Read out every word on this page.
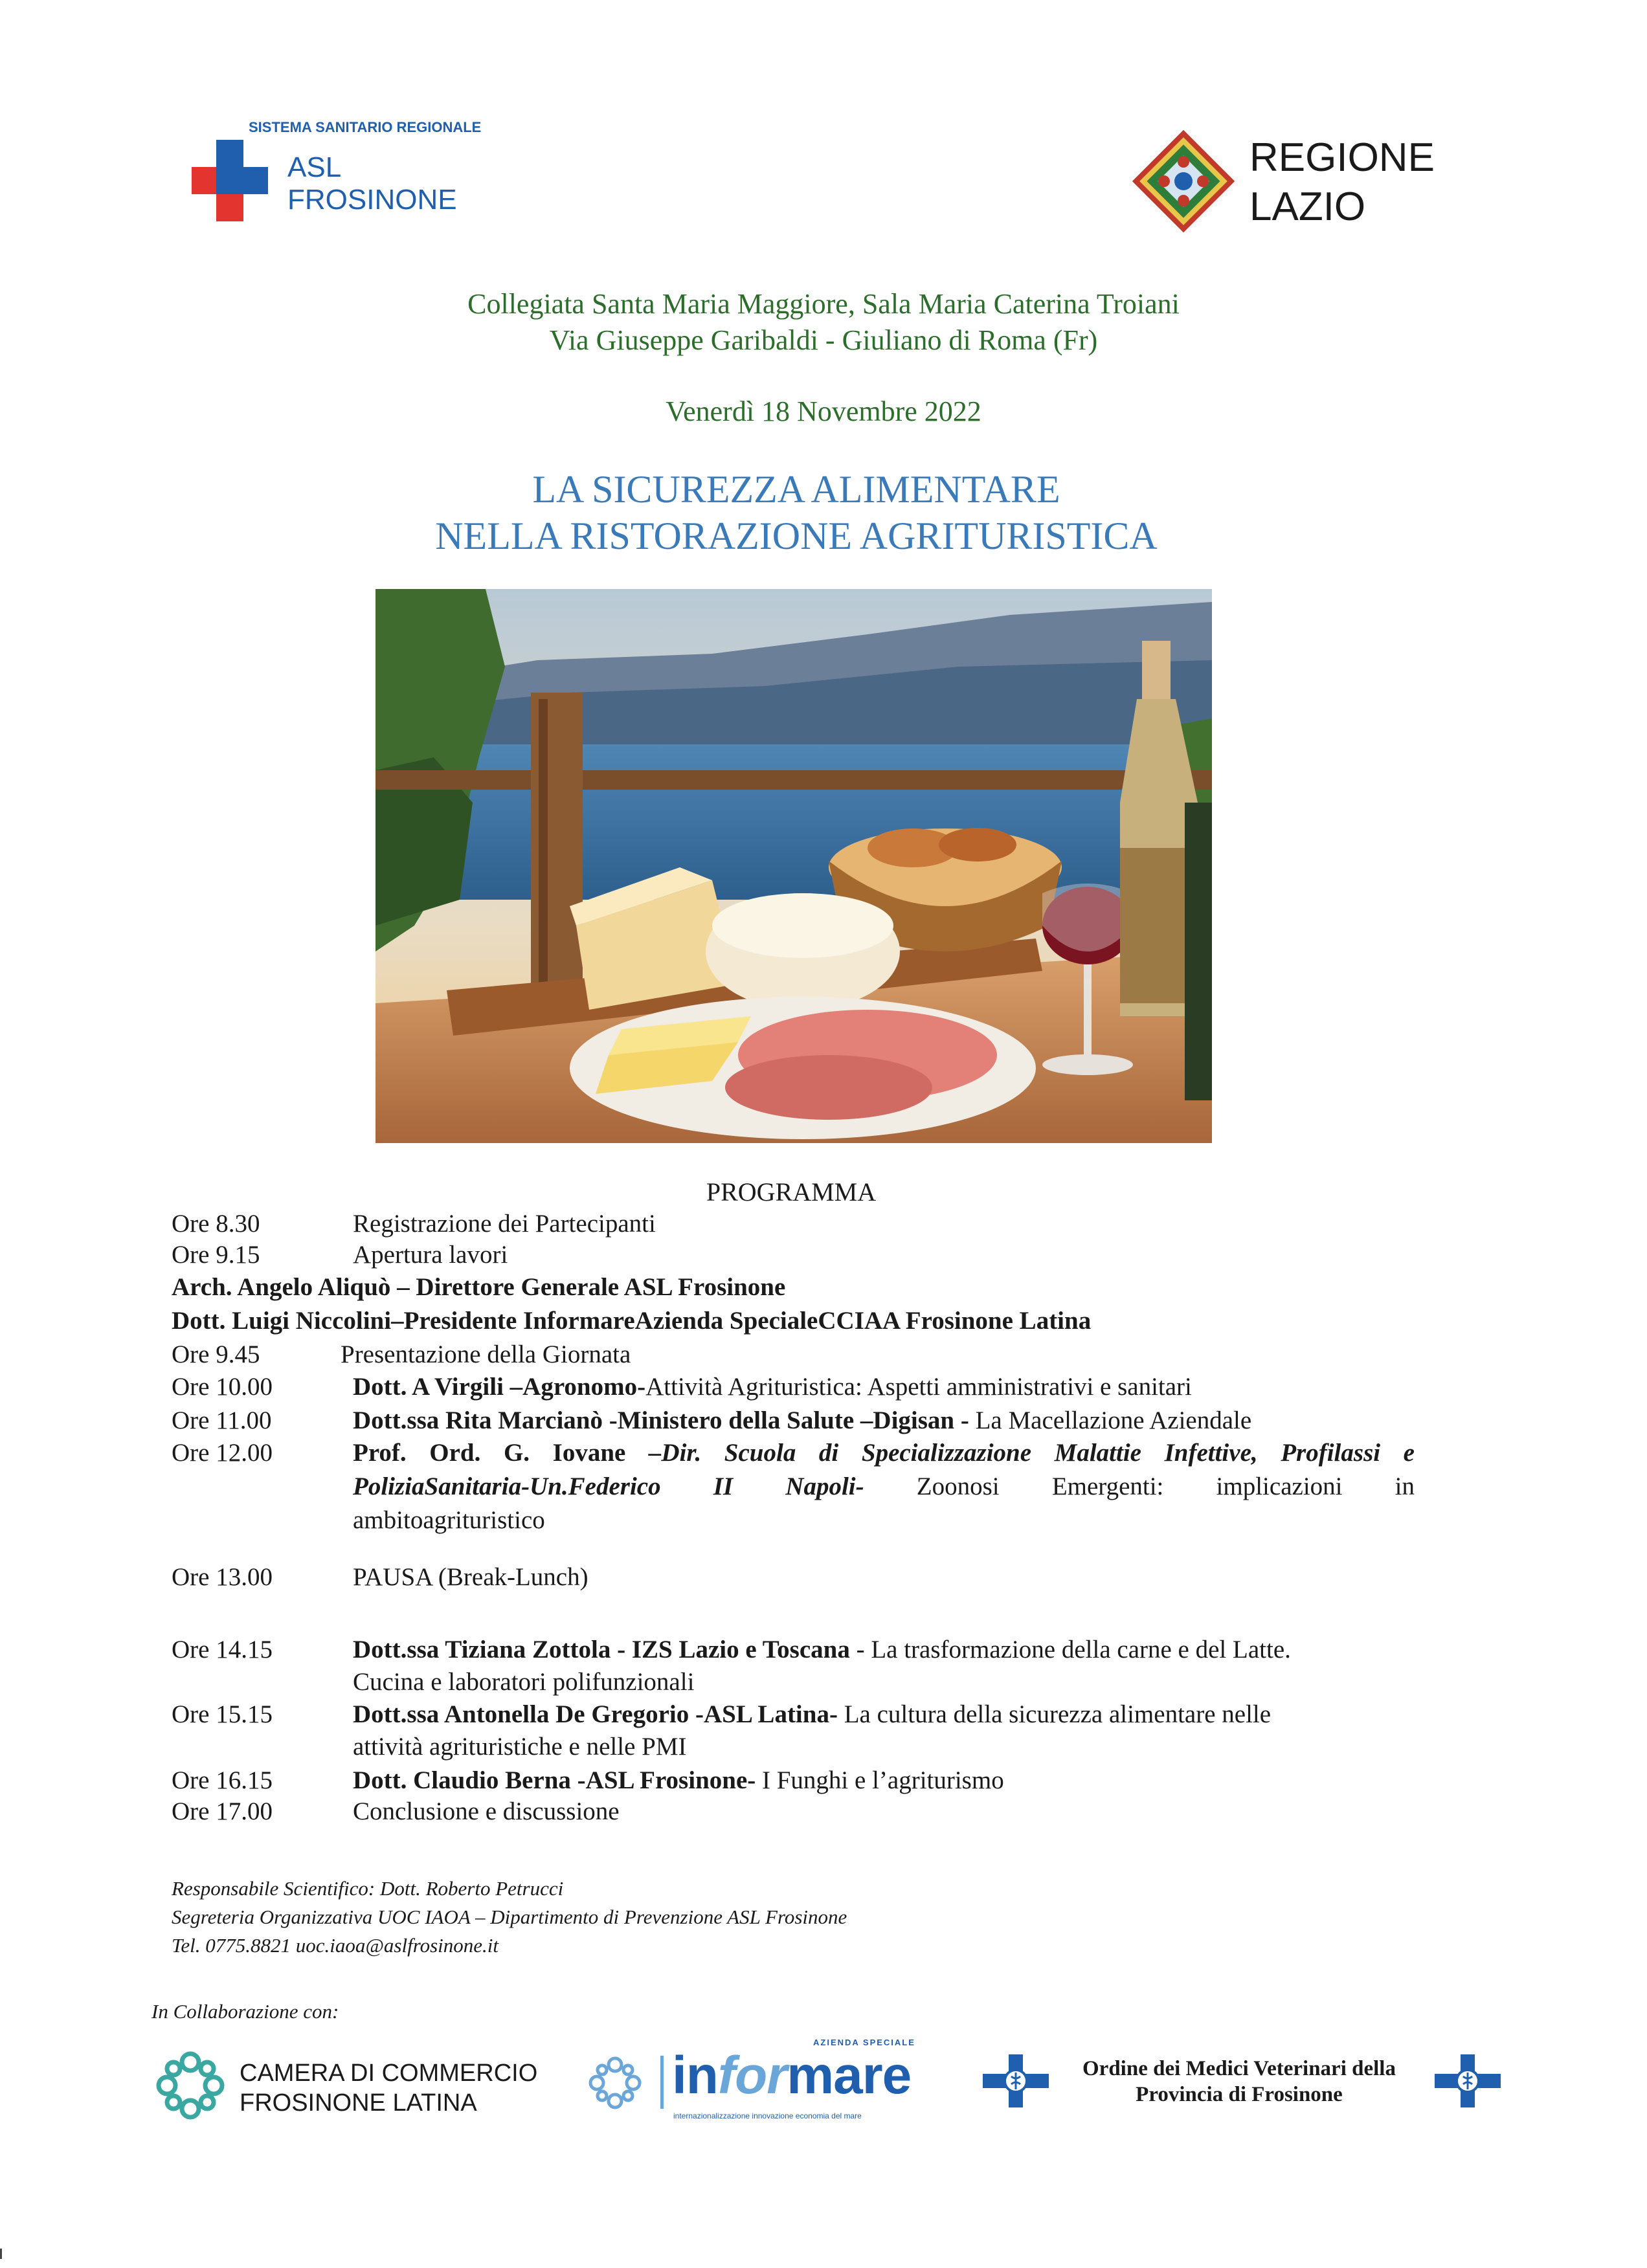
SISTEMA SANITARIO REGIONALE
ASL
FROSINONE
REGIONE
LAZIO
Collegiata Santa Maria Maggiore, Sala Maria Caterina Troiani
Via Giuseppe Garibaldi - Giuliano di Roma (Fr)
Venerdì 18 Novembre 2022
LA SICUREZZA ALIMENTARE
NELLA RISTORAZIONE AGRITURISTICA
PROGRAMMA
Ore 8.30	Registrazione dei Partecipanti
Ore 9.15	Apertura lavori
Arch. Angelo Aliquò – Direttore Generale ASL Frosinone
Dott. Luigi Niccolini–Presidente InformareAzienda SpecialeCCIAA Frosinone Latina
Ore 9.45	Presentazione della Giornata
Ore 10.00	Dott. A Virgili –Agronomo-Attività Agrituristica: Aspetti amministrativi e sanitari
Ore 11.00	Dott.ssa Rita Marcianò -Ministero della Salute –Digisan - La Macellazione Aziendale
Ore 12.00	Prof. Ord. G. Iovane –Dir. Scuola di Specializzazione Malattie Infettive, Profilassi e
PoliziaSanitaria-Un.Federico II Napoli- Zoonosi Emergenti: implicazioni in
ambitoagrituristico
Ore 13.00	PAUSA (Break-Lunch)
Ore 14.15	Dott.ssa Tiziana Zottola - IZS Lazio e Toscana - La trasformazione della carne e del Latte.
Cucina e laboratori polifunzionali
Ore 15.15	Dott.ssa Antonella De Gregorio -ASL Latina- La cultura della sicurezza alimentare nelle
attività agrituristiche e nelle PMI
Ore 16.15	Dott. Claudio Berna -ASL Frosinone- I Funghi e l’agriturismo
Ore 17.00	Conclusione e discussione
Responsabile Scientifico: Dott. Roberto Petrucci
Segreteria Organizzativa UOC IAOA – Dipartimento di Prevenzione ASL Frosinone
Tel. 0775.8821 uoc.iaoa@aslfrosinone.it
In Collaborazione con:
CAMERA DI COMMERCIO
FROSINONE LATINA
AZIENDA SPECIALE
informare
internazionalizzazione innovazione economia del mare
Ordine dei Medici Veterinari della
Provincia di Frosinone
